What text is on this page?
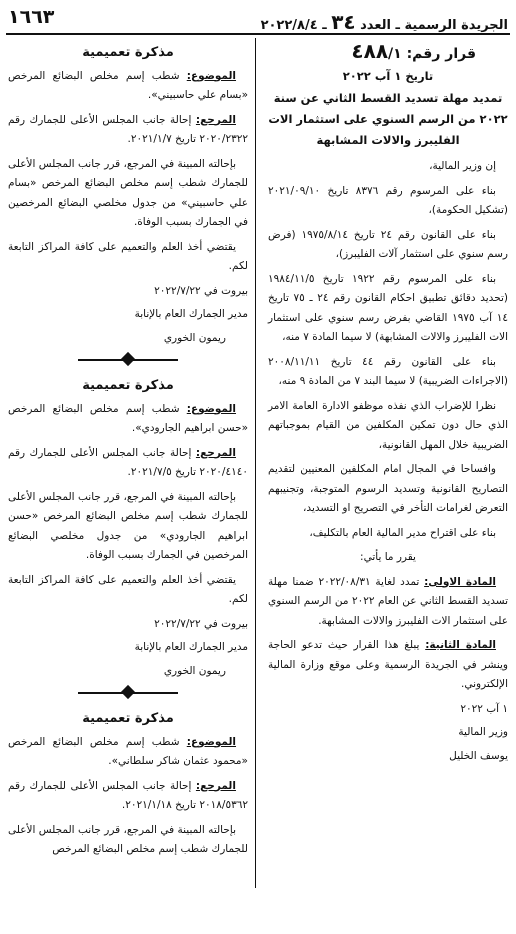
الجريدة الرسمية ـ العدد ٣٤ ـ ٢٠٢٢/٨/٤
١٦٦٣
قرار رقم: ٤٨٨/١
تاريخ ١ آب ٢٠٢٢
تمديد مهلة تسديد القسط الثاني عن سنة ٢٠٢٢ من الرسم السنوي على استثمار الات الفليبرز والالات المشابهة

إن وزير المالية،

بناء على المرسوم رقم ٨٣٧٦ تاريخ ٢٠٢١/٠٩/١٠ (تشكيل الحكومة)،

بناء على القانون رقم ٢٤ تاريخ ١٩٧٥/٨/١٤ (فرض رسم سنوي على استثمار آلات الفليبرز)،

بناء على المرسوم رقم ١٩٢٢ تاريخ ١٩٨٤/١١/٥ (تحديد دقائق تطبيق احكام القانون رقم ٢٤ ـ ٧٥ تاريخ ١٤ آب ١٩٧٥ القاضي بفرض رسم سنوي على استثمار الات الفليبرز والالات المشابهة) لا سيما المادة ٧ منه،

بناء على القانون رقم ٤٤ تاريخ ٢٠٠٨/١١/١١ (الاجراءات الضريبية) لا سيما البند ٧ من المادة ٩ منه،

نظرا للإضراب الذي نفذه موظفو الادارة العامة الامر الذي حال دون تمكين المكلفين من القيام بموجباتهم الضريبية خلال المهل القانونية،

وافساحا في المجال امام المكلفين المعنيين لتقديم التصاريح القانونية وتسديد الرسوم المتوجبة، وتجنيبهم التعرض لغرامات التأخر في التصريح او التسديد،

بناء على اقتراح مدير المالية العام بالتكليف،

يقرر ما يأتي:

المادة الاولى: تمدد لغاية ٢٠٢٢/٠٨/٣١ ضمنا مهلة تسديد القسط الثاني عن العام ٢٠٢٢ من الرسم السنوي على استثمار الات الفليبرز والالات المشابهة.

المادة الثانية: يبلغ هذا القرار حيث تدعو الحاجة وينشر في الجريدة الرسمية وعلى موقع وزارة المالية الإلكتروني.

١ آب ٢٠٢٢

وزير المالية

يوسف الخليل

مذكرة تعميمية

الموضوع: شطب إسم مخلص البضائع المرخص «بسام علي حاسبيني».

المرجع: إحالة جانب المجلس الأعلى للجمارك رقم ٢٠٢٠/٢٣٢٢ تاريخ ٢٠٢١/١/٧.

بإحالته المبينة في المرجع، قرر جانب المجلس الأعلى للجمارك شطب إسم مخلص البضائع المرخص «بسام علي حاسبيني» من جدول مخلصي البضائع المرخصين في الجمارك بسبب الوفاة.

يقتضي أخذ العلم والتعميم على كافة المراكز التابعة لكم.

بيروت في ٢٠٢٢/٧/٢٢

مدير الجمارك العام بالإنابة

ريمون الخوري

مذكرة تعميمية

الموضوع: شطب إسم مخلص البضائع المرخص «حسن ابراهيم الجارودي».

المرجع: إحالة جانب المجلس الأعلى للجمارك رقم ٢٠٢٠/٤١٤٠ تاريخ ٢٠٢١/٧/٥.

بإحالته المبينة في المرجع، قرر جانب المجلس الأعلى للجمارك شطب إسم مخلص البضائع المرخص «حسن ابراهيم الجارودي» من جدول مخلصي البضائع المرخصين في الجمارك بسبب الوفاة.

يقتضي أخذ العلم والتعميم على كافة المراكز التابعة لكم.

بيروت في ٢٠٢٢/٧/٢٢

مدير الجمارك العام بالإنابة

ريمون الخوري

مذكرة تعميمية

الموضوع: شطب إسم مخلص البضائع المرخص «محمود عثمان شاكر سلطاني».

المرجع: إحالة جانب المجلس الأعلى للجمارك رقم ٢٠١٨/٥٣٦٢ تاريخ ٢٠٢١/١/١٨.

بإحالته المبينة في المرجع، قرر جانب المجلس الأعلى للجمارك شطب إسم مخلص البضائع المرخص
